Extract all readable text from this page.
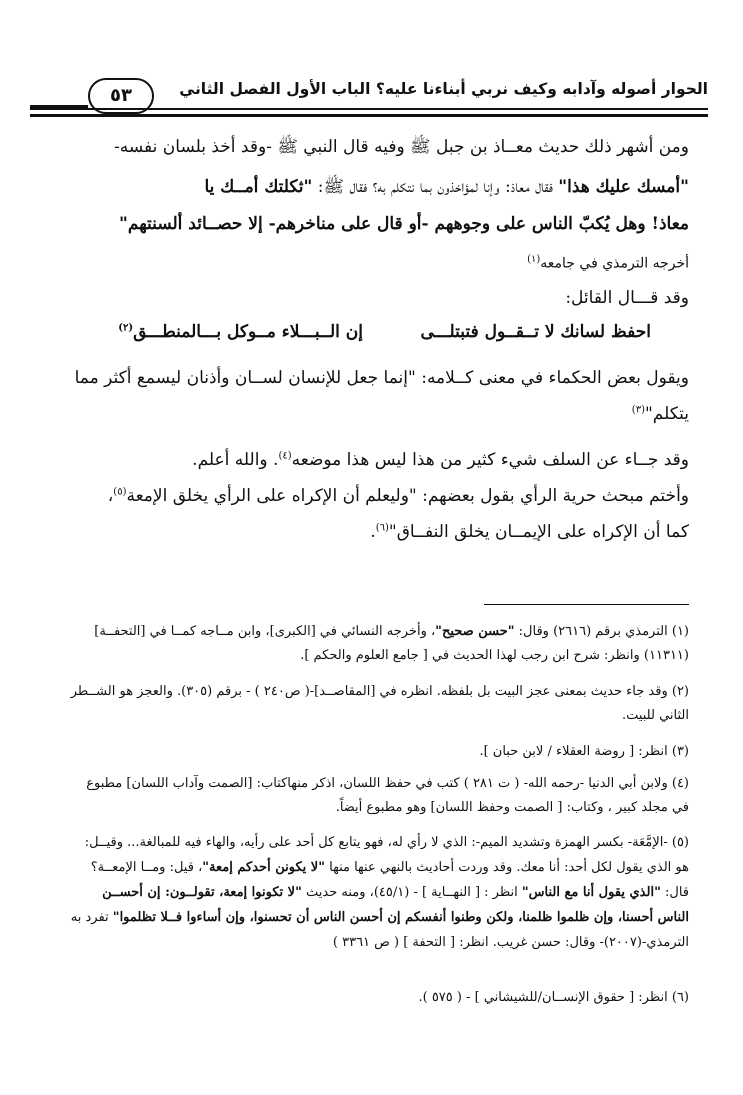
الحوار أصوله وآدابه وكيف نربي أبناءنا عليه؟ الباب الأول الفصل الثاني
٥٣
ومن أشهر ذلك حديث معــاذ بن جبل ﷺ وفيه قال النبي ﷺ -وقد أخذ بلسان نفسه-
"أمسك عليك هذا" فقال معاذ: وإنا لمؤاخذون بما نتكلم به؟ فقال ﷺ: "ثكلتك أمــك يا
معاذ! وهل يُكبّ الناس على وجوههم -أو قال على مناخرهم- إلا حصــائد ألسنتهم"
أخرجه الترمذي في جامعه$^{(١)}$
وقد قـــال القائل:
احفظ لسانك لا تــقــول فتبتلـــى
إن الــبـــلاء مــوكل بـــالمنطـــق$^{(٢)}$
ويقول بعض الحكماء في معنى كــلامه: "إنما جعل للإنسان لســان وأذنان ليسمع أكثر مما
يتكلم"$^{(٣)}$
وقد جــاء عن السلف شيء كثير من هذا ليس هذا موضعه$^{(٤)}$. والله أعلم.
وأختم مبحث حرية الرأي بقول بعضهم: "وليعلم أن الإكراه على الرأي يخلق الإمعة$^{(٥)}$،
كما أن الإكراه على الإيمــان يخلق النفــاق"$^{(٦)}$.
(١) الترمذي برقم (٢٦١٦) وقال: "حسن صحيح"، وأخرجه النسائي في [الكبرى]، وابن مــاجه كمــا في [التحفــة]
(١١٣١١) وانظر: شرح ابن رجب لهذا الحديث في [ جامع العلوم والحكم ].
(٢) وقد جاء حديث بمعنى عجز البيت بل بلفظه. انظره في [المقاصــد]-( ص٢٤٠ ) - برقم (٣٠٥). والعجز هو الشــطر
الثاني للبيت.
(٣) انظر: [ روضة العقلاء / لابن حبان ].
(٤) ولابن أبي الدنيا -رحمه الله- ( ت ٢٨١ ) كتب في حفظ اللسان، اذكر منهاكتاب: [الصمت وآداب اللسان] مطبوع
في مجلد كبير ، وكتاب: [ الصمت وحفظ اللسان] وهو مطبوع أيضاً.
(٥) -الإمَّعَة- بكسر الهمزة وتشديد الميم-: الذي لا رأي له، فهو يتابع كل أحد على رأيه، والهاء فيه للمبالغة... وقيــل:
هو الذي يقول لكل أحد: أنا معك. وقد وردت أحاديث بالنهي عنها منها "لا يكونن أحدكم إمعة"، قيل: ومــا الإمعــة؟
قال: "الذي يقول أنا مع الناس" انظر : [ النهــاية ] - (٤٥/١)، ومنه حديث "لا تكونوا إمعة، تقولــون: إن أحســن
الناس أحسنا، وإن ظلموا ظلمنا، ولكن وطنوا أنفسكم إن أحسن الناس أن تحسنوا، وإن أساءوا فــلا تظلموا" تفرد به
الترمذي-(٢٠٠٧)- وقال: حسن غريب. انظر: [ التحفة ] ( ص ٣٣٦١ )
(٦) انظر: [ حقوق الإنســان/للشيشاني ] - ( ٥٧٥ ).
